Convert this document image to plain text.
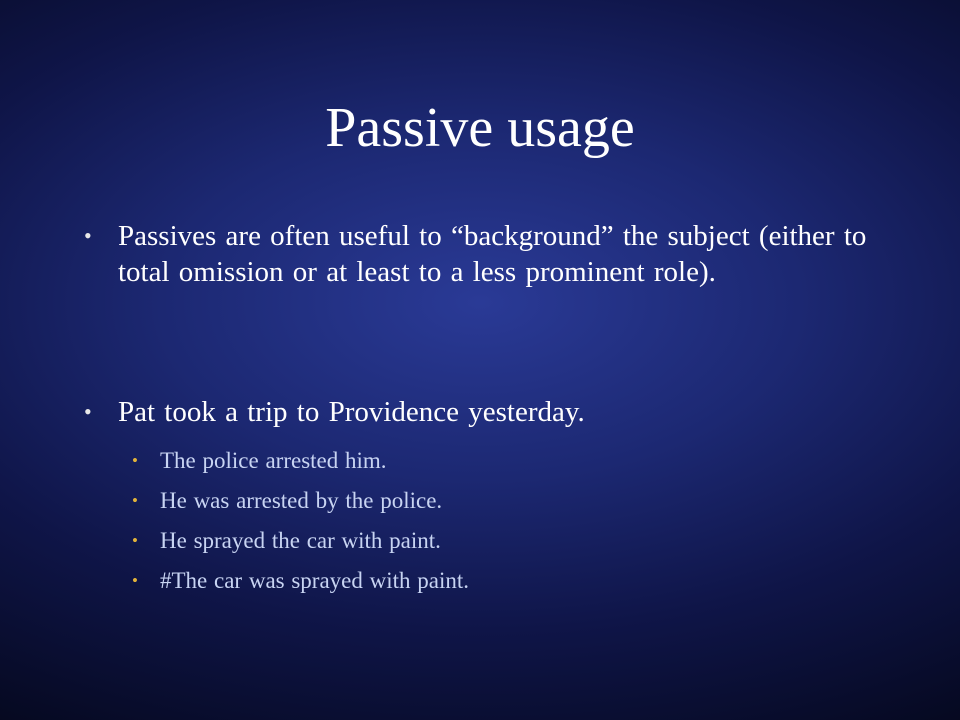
Passive usage
• Passives are often useful to “background” the subject (either to total omission or at least to a less prominent role).
• Pat took a trip to Providence yesterday.
• The police arrested him.
• He was arrested by the police.
• He sprayed the car with paint.
• #The car was sprayed with paint.
